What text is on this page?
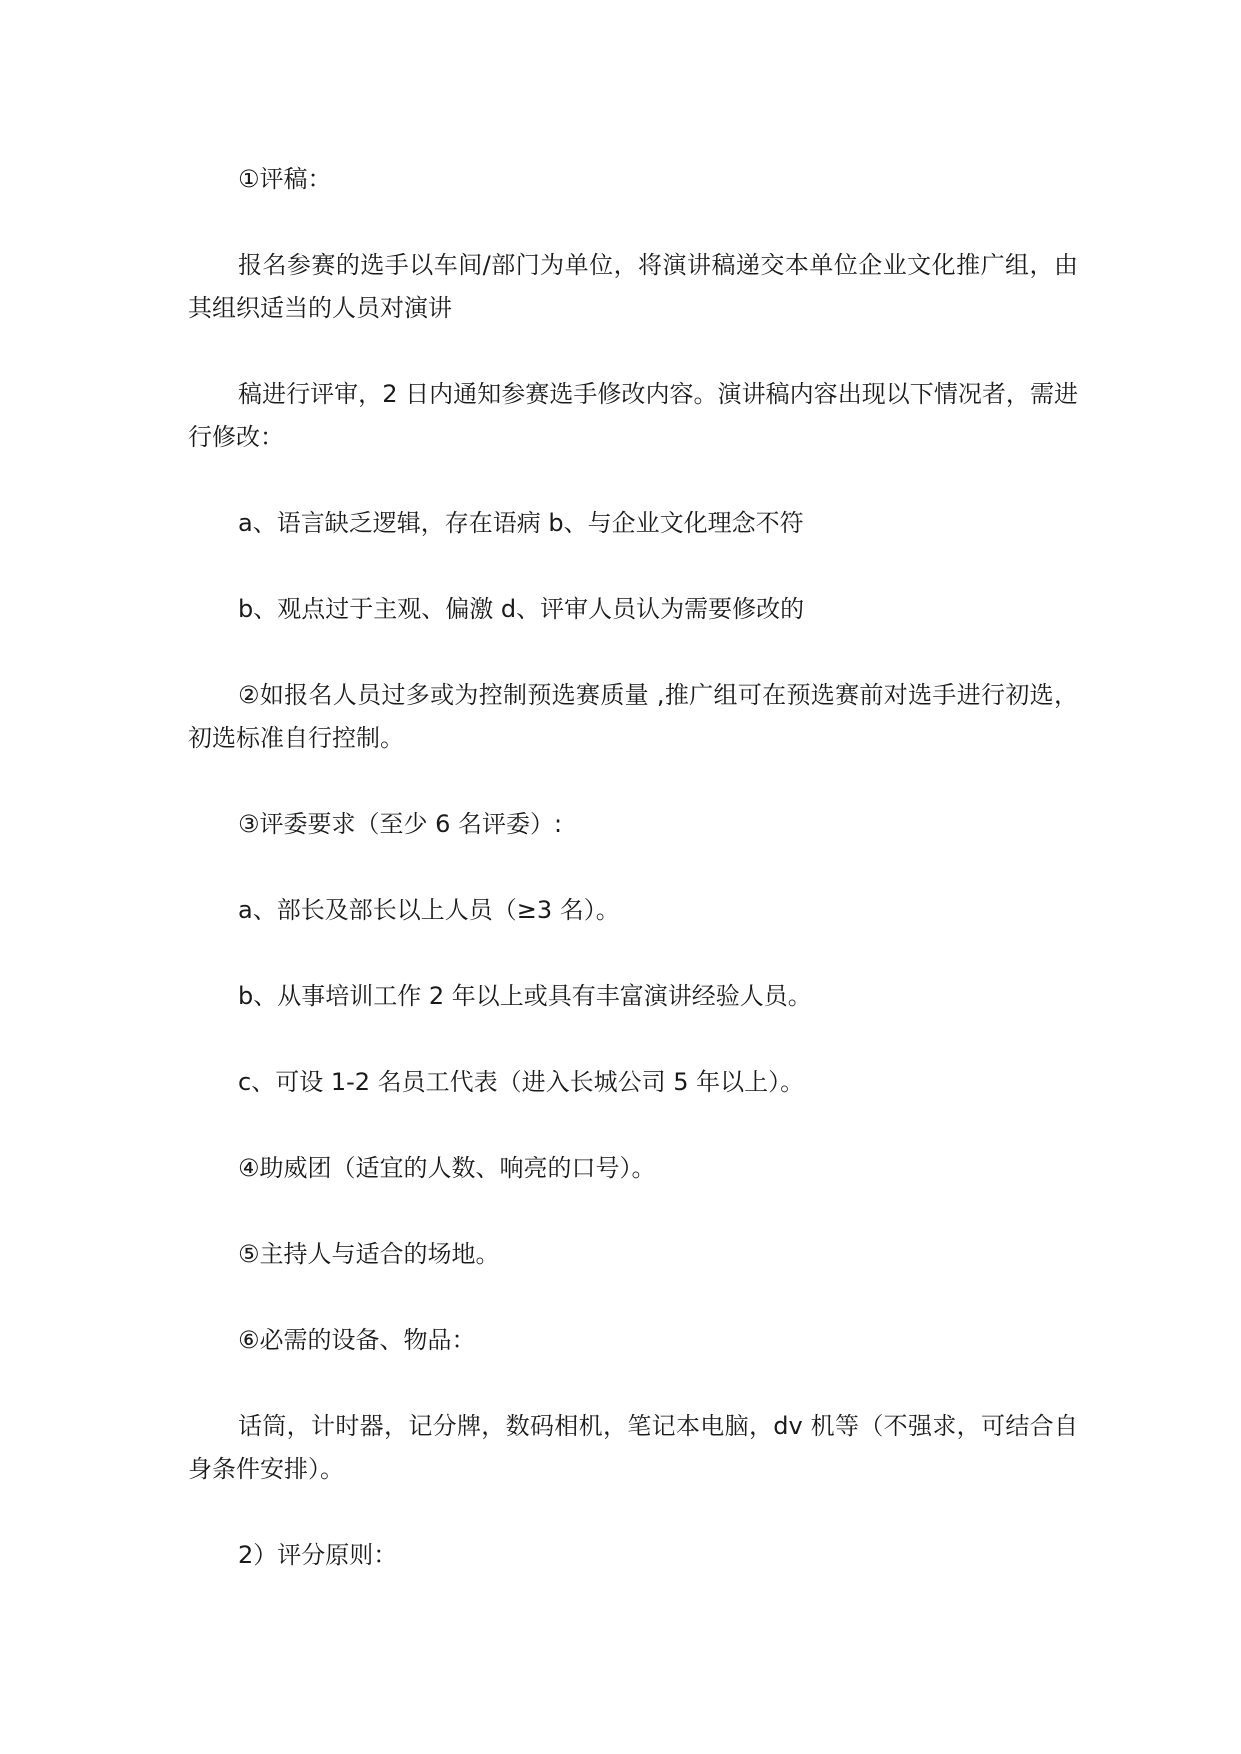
①评稿：

报名参赛的选手以车间/部门为单位，将演讲稿递交本单位企业文化推广组，由其组织适当的人员对演讲

稿进行评审，2 日内通知参赛选手修改内容。演讲稿内容出现以下情况者，需进行修改：

a、语言缺乏逻辑，存在语病 b、与企业文化理念不符

b、观点过于主观、偏激 d、评审人员认为需要修改的

②如报名人员过多或为控制预选赛质量 ,推广组可在预选赛前对选手进行初选，初选标准自行控制。

③评委要求（至少 6 名评委）:

a、部长及部长以上人员（≥3 名）。

b、从事培训工作 2 年以上或具有丰富演讲经验人员。

c、可设 1-2 名员工代表（进入长城公司 5 年以上）。

④助威团（适宜的人数、响亮的口号）。

⑤主持人与适合的场地。

⑥必需的设备、物品：

话筒，计时器，记分牌，数码相机，笔记本电脑，dv 机等（不强求，可结合自身条件安排）。

2）评分原则：
